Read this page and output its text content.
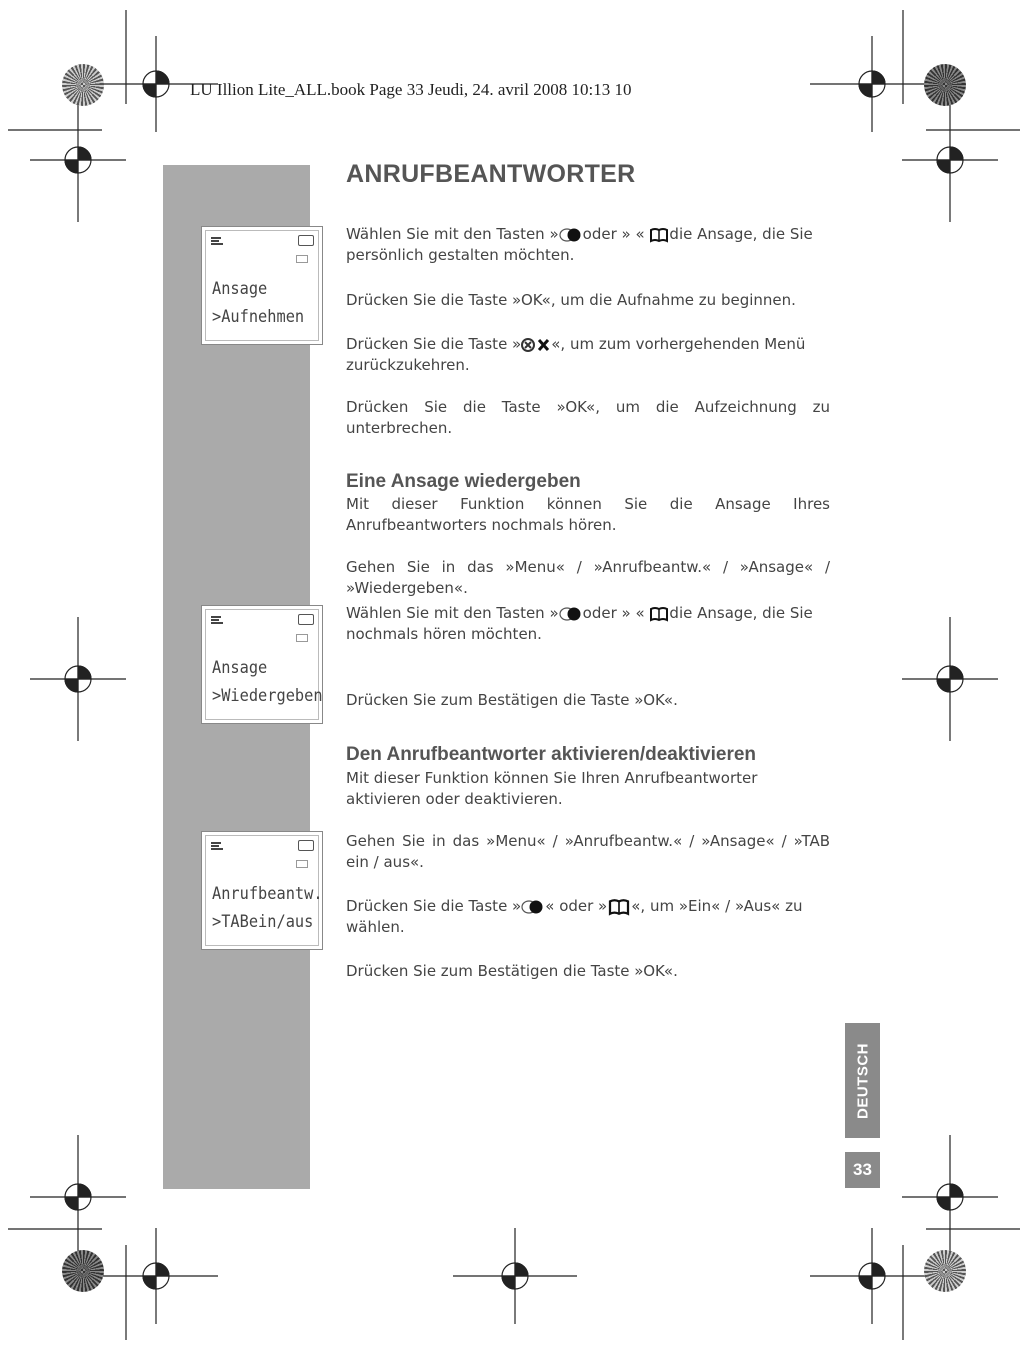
LU Illion Lite_ALL.book Page 33 Jeudi, 24. avril 2008 10:13 10
Ansage
>Aufnehmen
Ansage
>Wiedergeben
Anrufbeantw.
>TABein/aus
ANRUFBEANTWORTER
Wählen Sie mit den Tasten » oder » « die Ansage, die Sie persönlich gestalten möchten.
Drücken Sie die Taste »OK«, um die Aufnahme zu beginnen.
Drücken Sie die Taste » «, um zum vorhergehenden Menü zurückzukehren.
Drücken Sie die Taste »OK«, um die Aufzeichnung zu unterbrechen.
Eine Ansage wiedergeben
Mit dieser Funktion können Sie die Ansage Ihres Anrufbeantworters nochmals hören.
Gehen Sie in das »Menu« / »Anrufbeantw.« / »Ansage« / »Wiedergeben«.
Wählen Sie mit den Tasten » oder » « die Ansage, die Sie nochmals hören möchten.
Drücken Sie zum Bestätigen die Taste »OK«.
Den Anrufbeantworter aktivieren/deaktivieren
Mit dieser Funktion können Sie Ihren Anrufbeantworter aktivieren oder deaktivieren.
Gehen Sie in das »Menu« / »Anrufbeantw.« / »Ansage« / »TAB ein / aus«.
Drücken Sie die Taste » « oder » «, um »Ein« / »Aus« zu wählen.
Drücken Sie zum Bestätigen die Taste »OK«.
DEUTSCH
33
